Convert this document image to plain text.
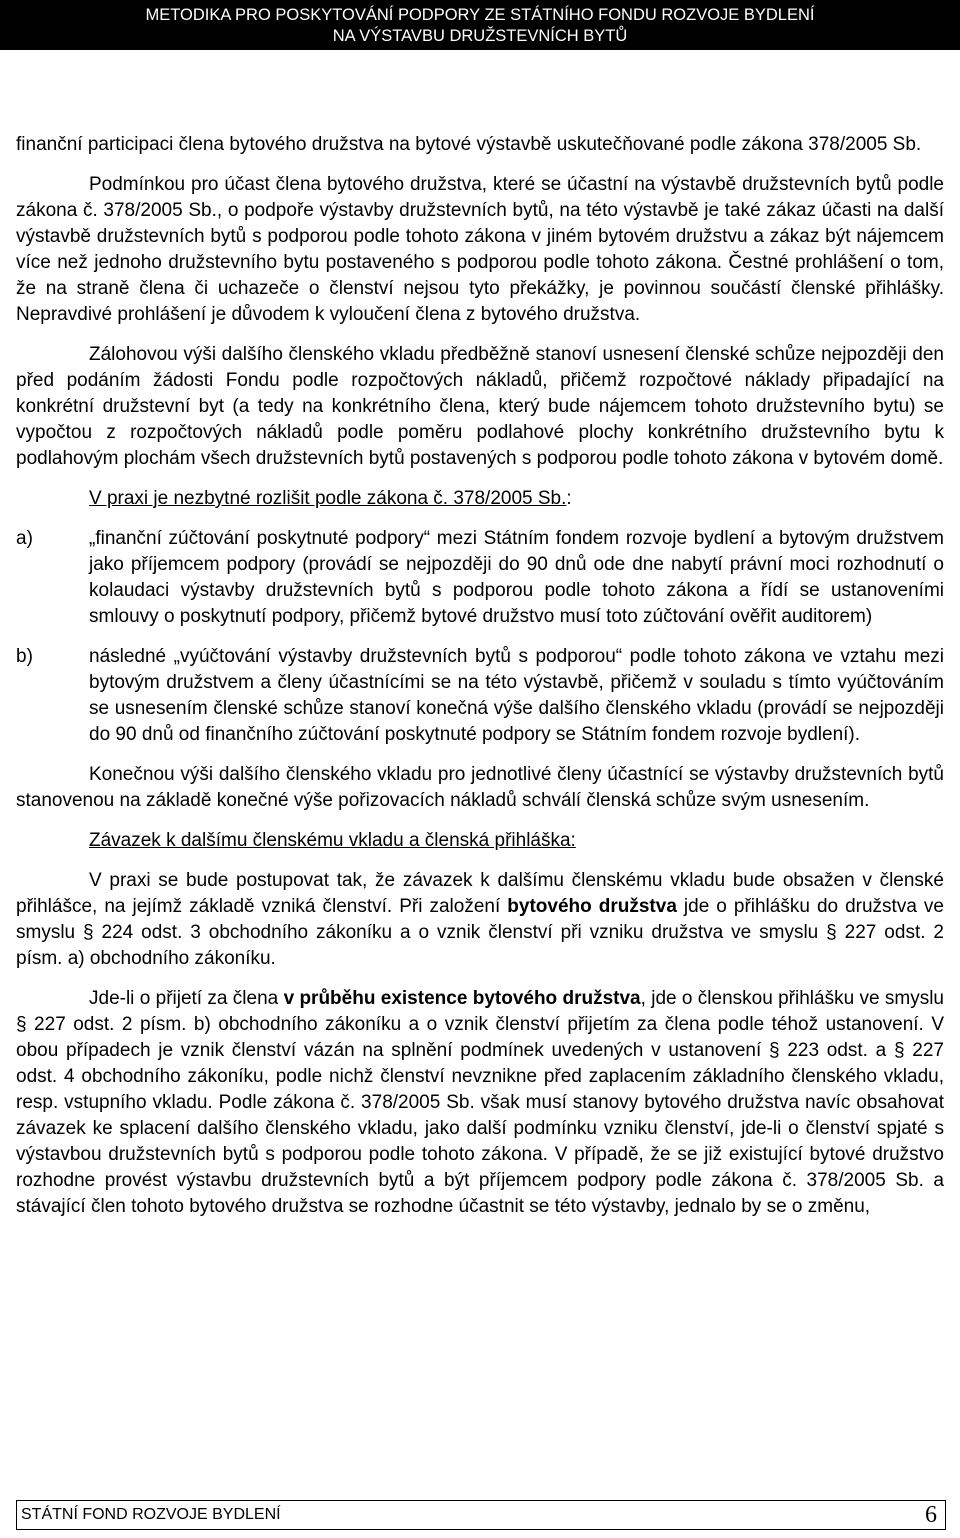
METODIKA PRO POSKYTOVÁNÍ PODPORY ZE STÁTNÍHO FONDU ROZVOJE BYDLENÍ
NA VÝSTAVBU DRUŽSTEVNÍCH BYTŮ

finanční participaci člena bytového družstva na bytové výstavbě uskutečňované podle zákona 378/2005 Sb.

Podmínkou pro účast člena bytového družstva, které se účastní na výstavbě družstevních bytů podle zákona č. 378/2005 Sb., o podpoře výstavby družstevních bytů, na této výstavbě je také zákaz účasti na další výstavbě družstevních bytů s podporou podle tohoto zákona v jiném bytovém družstvu a zákaz být nájemcem více než jednoho družstevního bytu postaveného s podporou podle tohoto zákona. Čestné prohlášení o tom, že na straně člena či uchazeče o členství nejsou tyto překážky, je povinnou součástí členské přihlášky. Nepravdivé prohlášení je důvodem k vyloučení člena z bytového družstva.

Zálohovou výši dalšího členského vkladu předběžně stanoví usnesení členské schůze nejpozději den před podáním žádosti Fondu podle rozpočtových nákladů, přičemž rozpočtové náklady připadající na konkrétní družstevní byt (a tedy na konkrétního člena, který bude nájemcem tohoto družstevního bytu) se vypočtou z rozpočtových nákladů podle poměru podlahové plochy konkrétního družstevního bytu k podlahovým plochám všech družstevních bytů postavených s podporou podle tohoto zákona v bytovém domě.

V praxi je nezbytné rozlišit podle zákona č. 378/2005 Sb.:

a)	„finanční zúčtování poskytnuté podpory“ mezi Státním fondem rozvoje bydlení a bytovým družstvem jako příjemcem podpory (provádí se nejpozději do 90 dnů ode dne nabytí právní moci rozhodnutí o kolaudaci výstavby družstevních bytů s podporou podle tohoto zákona a řídí se ustanoveními smlouvy o poskytnutí podpory, přičemž bytové družstvo musí toto zúčtování ověřit auditorem)
b)	následné „vyúčtování výstavby družstevních bytů s podporou“ podle tohoto zákona ve vztahu mezi bytovým družstvem a členy účastnícími se na této výstavbě, přičemž v souladu s tímto vyúčtováním se usnesením členské schůze stanoví konečná výše dalšího členského vkladu (provádí se nejpozději do 90 dnů od finančního zúčtování poskytnuté podpory se Státním fondem rozvoje bydlení).

Konečnou výši dalšího členského vkladu pro jednotlivé členy účastnící se výstavby družstevních bytů stanovenou na základě konečné výše pořizovacích nákladů schválí členská schůze svým usnesením.

Závazek k dalšímu členskému vkladu a členská přihláška:

V praxi se bude postupovat tak, že závazek k dalšímu členskému vkladu bude obsažen v členské přihlášce, na jejímž základě vzniká členství. Při založení bytového družstva jde o přihlášku do družstva ve smyslu § 224 odst. 3 obchodního zákoníku a o vznik členství při vzniku družstva ve smyslu § 227 odst. 2 písm. a) obchodního zákoníku.

Jde-li o přijetí za člena v průběhu existence bytového družstva, jde o členskou přihlášku ve smyslu § 227 odst. 2 písm. b) obchodního zákoníku a o vznik členství přijetím za člena podle téhož ustanovení. V obou případech je vznik členství vázán na splnění podmínek uvedených v ustanovení § 223 odst. a § 227 odst. 4 obchodního zákoníku, podle nichž členství nevznikne před zaplacením základního členského vkladu, resp. vstupního vkladu. Podle zákona č. 378/2005 Sb. však musí stanovy bytového družstva navíc obsahovat závazek ke splacení dalšího členského vkladu, jako další podmínku vzniku členství, jde-li o členství spjaté s výstavbou družstevních bytů s podporou podle tohoto zákona. V případě, že se již existující bytové družstvo rozhodne provést výstavbu družstevních bytů a být příjemcem podpory podle zákona č. 378/2005 Sb. a stávající člen tohoto bytového družstva se rozhodne účastnit se této výstavby, jednalo by se o změnu,

STÁTNÍ FOND ROZVOJE BYDLENÍ	6
